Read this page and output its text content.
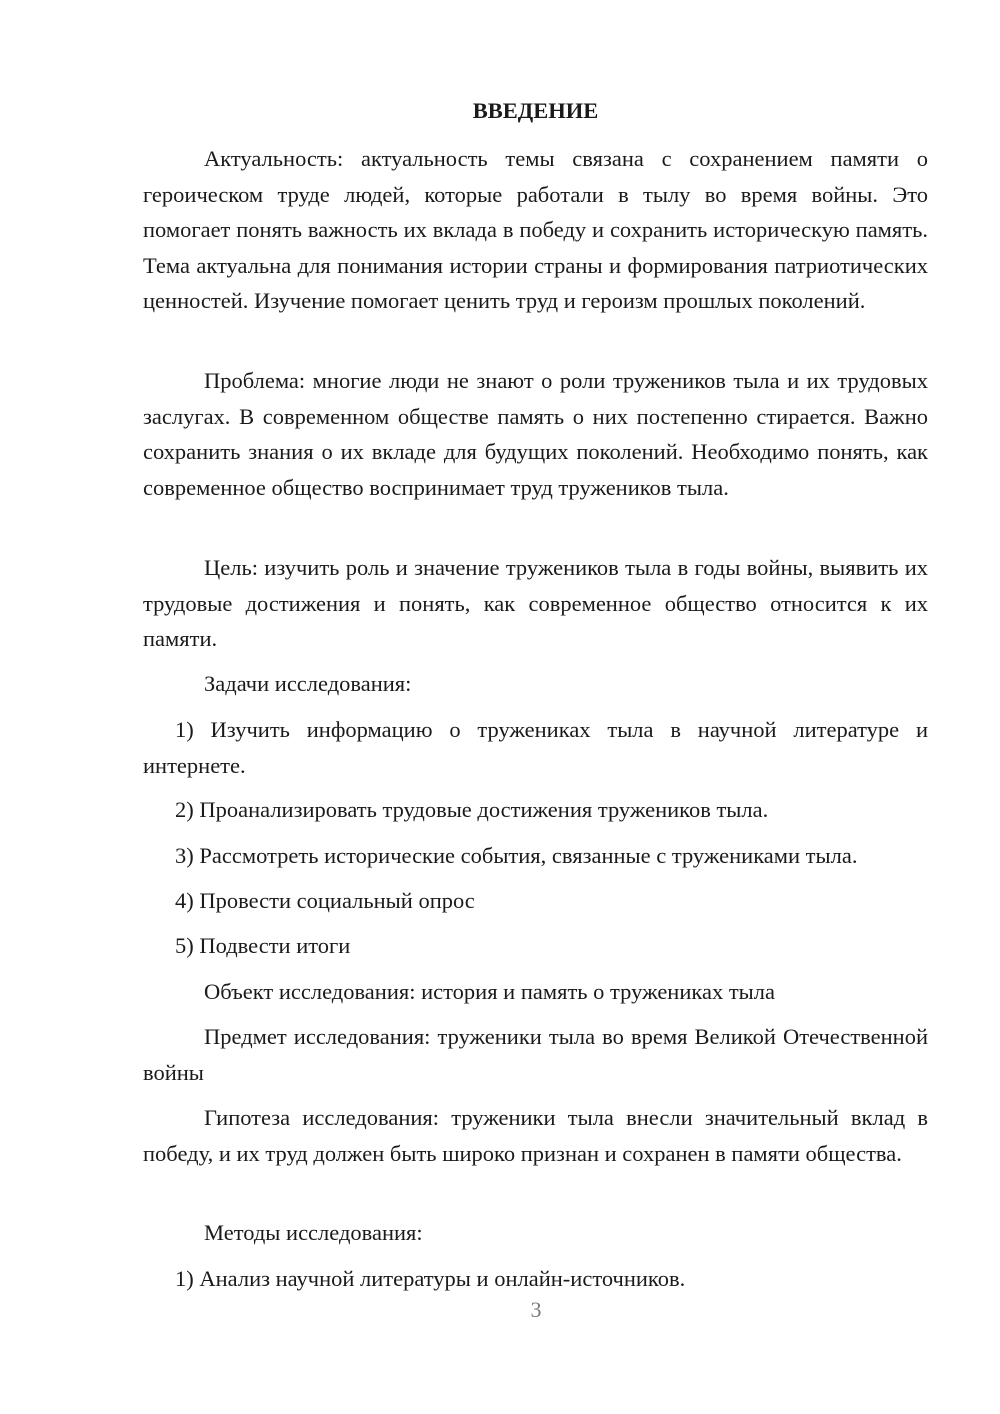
ВВЕДЕНИЕ

Актуальность: актуальность темы связана с сохранением памяти о героическом труде людей, которые работали в тылу во время войны. Это помогает понять важность их вклада в победу и сохранить историческую память. Тема актуальна для понимания истории страны и формирования патриотических ценностей. Изучение помогает ценить труд и героизм прошлых поколений.

Проблема: многие люди не знают о роли тружеников тыла и их трудовых заслугах. В современном обществе память о них постепенно стирается. Важно сохранить знания о их вкладе для будущих поколений. Необходимо понять, как современное общество воспринимает труд тружеников тыла.

Цель: изучить роль и значение тружеников тыла в годы войны, выявить их трудовые достижения и понять, как современное общество относится к их памяти.

Задачи исследования:

1) Изучить информацию о тружениках тыла в научной литературе и интернете.

2) Проанализировать трудовые достижения тружеников тыла.

3) Рассмотреть исторические события, связанные с тружениками тыла.

4) Провести социальный опрос

5) Подвести итоги

Объект исследования: история и память о тружениках тыла

Предмет исследования: труженики тыла во время Великой Отечественной войны

Гипотеза исследования: труженики тыла внесли значительный вклад в победу, и их труд должен быть широко признан и сохранен в памяти общества.

Методы исследования:

1) Анализ научной литературы и онлайн-источников.

3
